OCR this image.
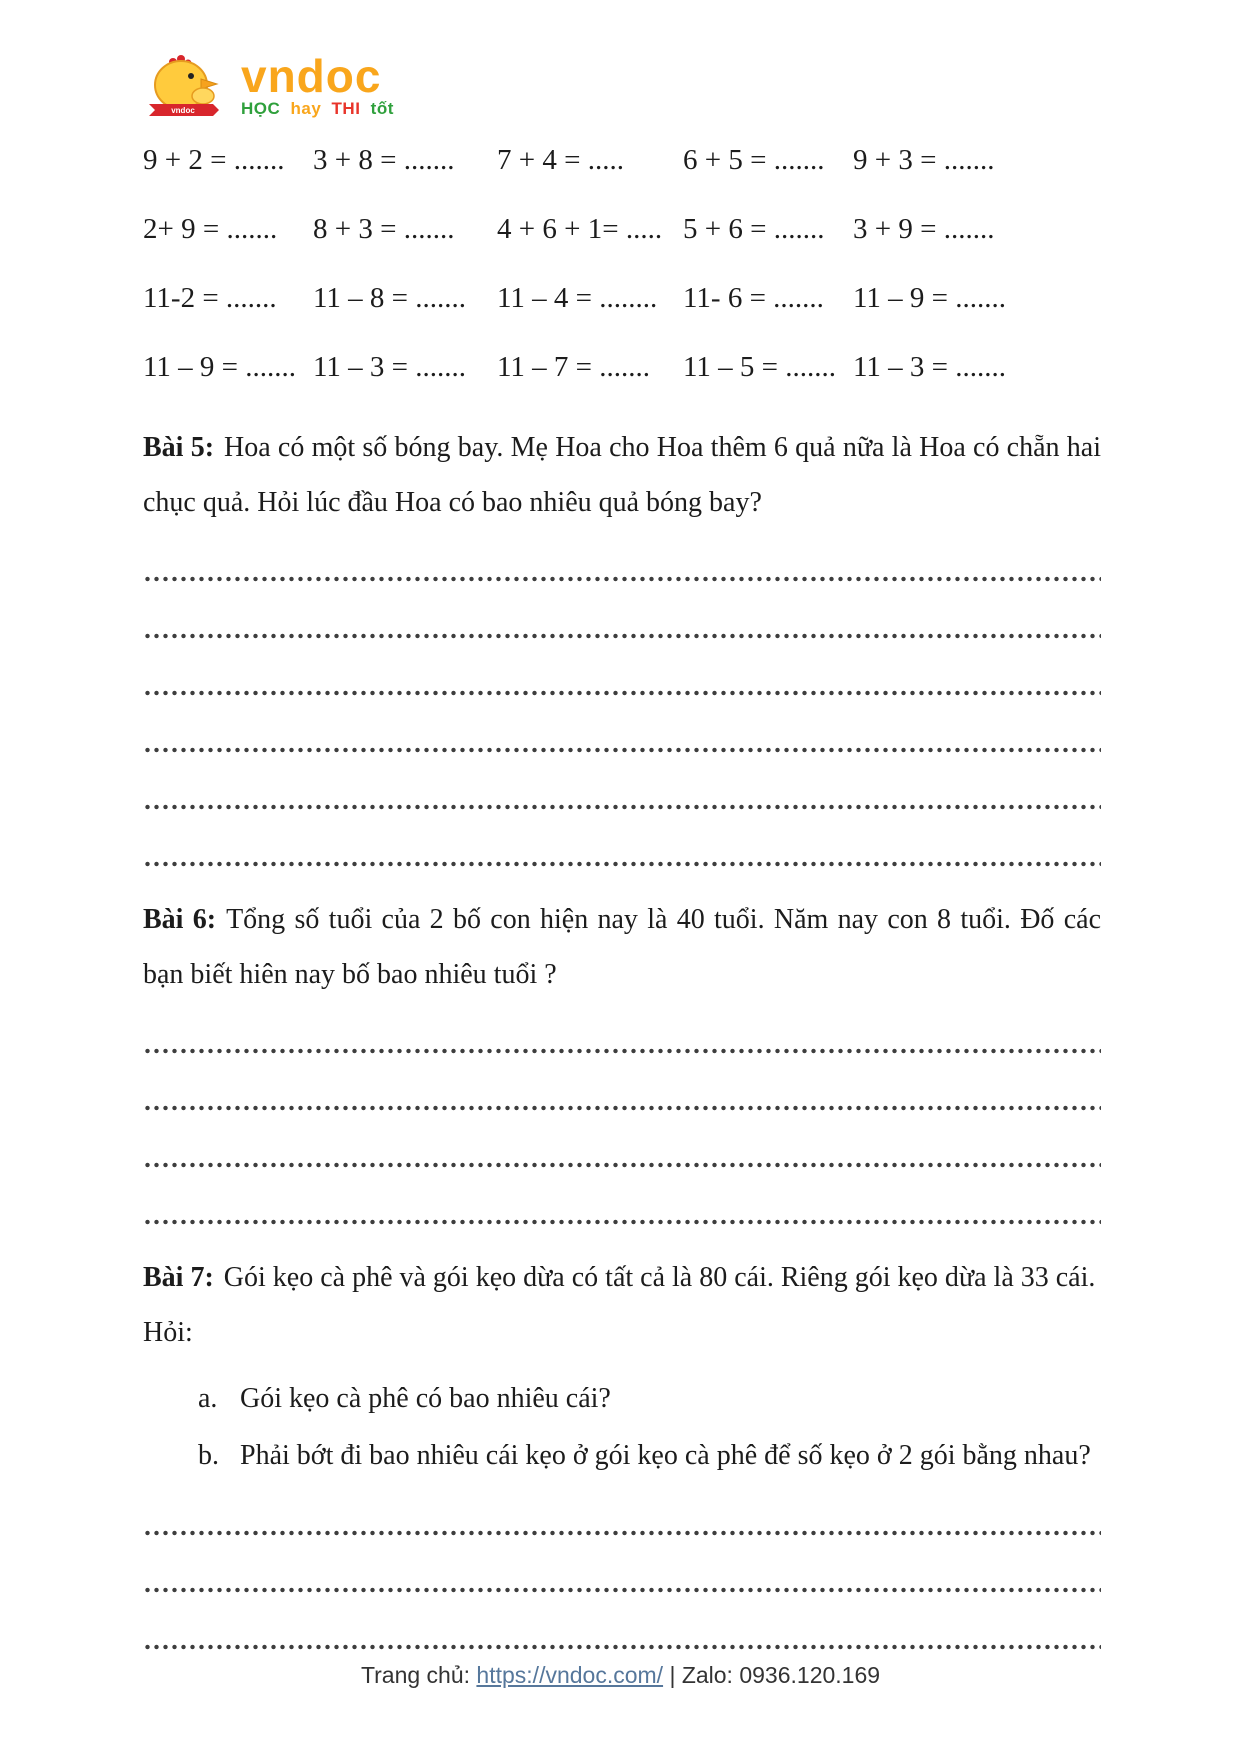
vndoc
vndoc
HỌC hay THI tốt
9 + 2 = ....... 3 + 8 = .......	7 + 4 = .....	6 + 5 = ....... 9 + 3 = .......
2+ 9 = .......	8 + 3 = .......	4 + 6 + 1= ..... 5 + 6 = ....... 3 + 9 = .......
11-2 = .......	11 – 8 = .......	11 – 4 = ........ 11- 6 = .......	11 – 9 = .......
11 – 9 = ....... 11 – 3 = .......	11 – 7 = .......	11 – 5 = ....... 11 – 3 = .......
Bài 5: Hoa có một số bóng bay. Mẹ Hoa cho Hoa thêm 6 quả nữa là Hoa có chẵn hai chục quả. Hỏi lúc đầu Hoa có bao nhiêu quả bóng bay?
Bài 6: Tổng số tuổi của 2 bố con hiện nay là 40 tuổi. Năm nay con 8 tuổi. Đố các bạn biết hiên nay bố bao nhiêu tuổi ?
Bài 7: Gói kẹo cà phê và gói kẹo dừa có tất cả là 80 cái. Riêng gói kẹo dừa là 33 cái.
Hỏi:
a. Gói kẹo cà phê có bao nhiêu cái?
b. Phải bớt đi bao nhiêu cái kẹo ở gói kẹo cà phê để số kẹo ở 2 gói bằng nhau?
Trang chủ: https://vndoc.com/ | Zalo: 0936.120.169
